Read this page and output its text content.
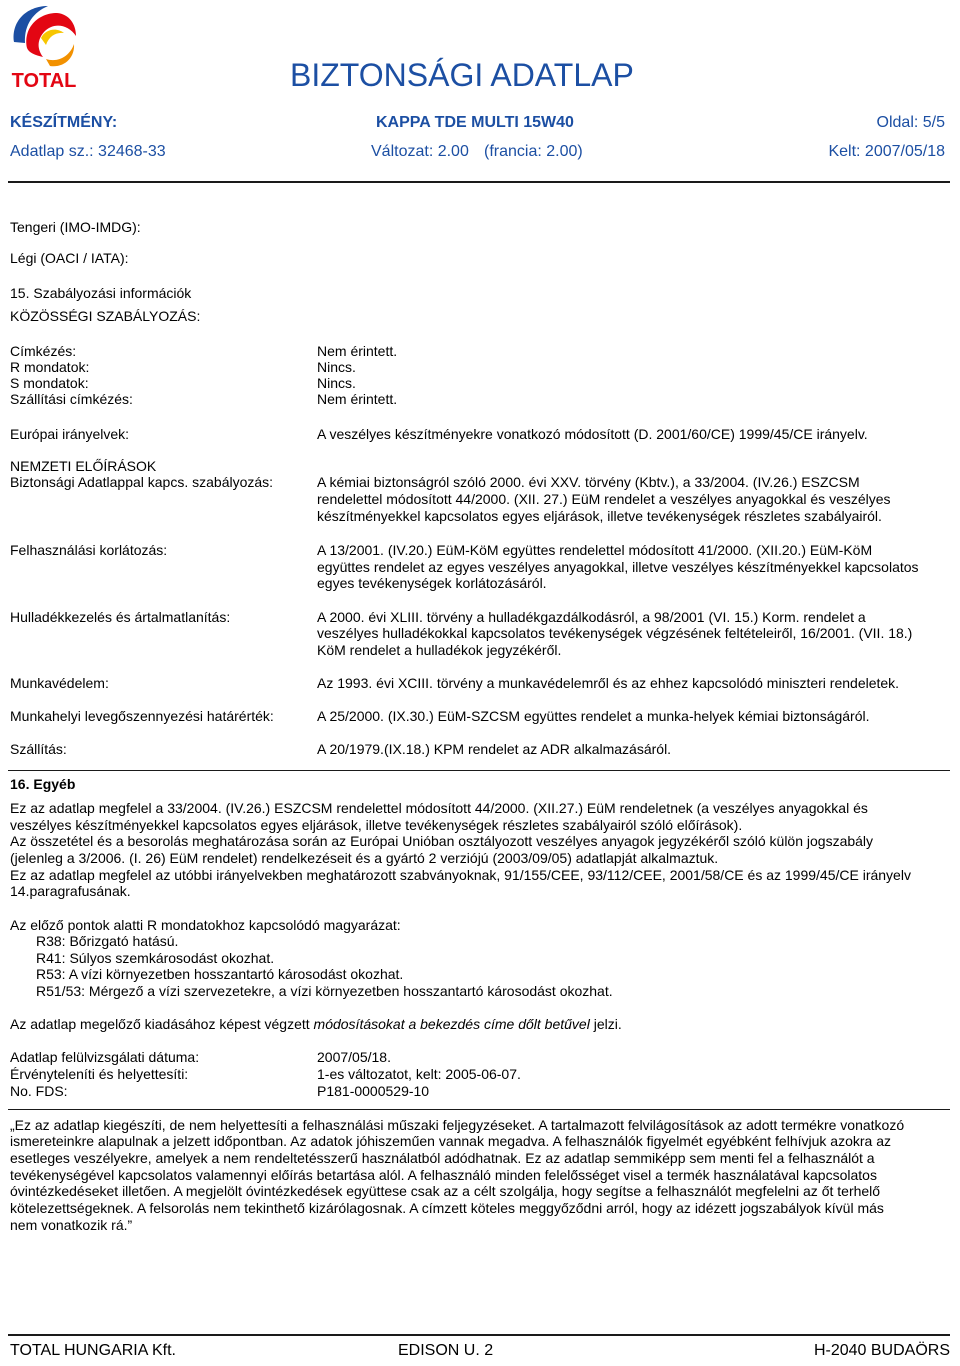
TOTAL	BIZTONSÁGI ADATLAP
KÉSZÍTMÉNY:	KAPPA TDE MULTI 15W40	Oldal: 5/5
Adatlap sz.: 32468-33	Változat: 2.00 (francia: 2.00)	Kelt: 2007/05/18
Tengeri (IMO-IMDG):
Légi (OACI / IATA):
15. Szabályozási információk
KÖZÖSSÉGI SZABÁLYOZÁS:
Címkézés:	Nem érintett.
R mondatok:	Nincs.
S mondatok:	Nincs.
Szállítási címkézés:	Nem érintett.
Európai irányelvek:	A veszélyes készítményekre vonatkozó módosított (D. 2001/60/CE) 1999/45/CE irányelv.
NEMZETI ELŐÍRÁSOK
Biztonsági Adatlappal kapcs. szabályozás:	A kémiai biztonságról szóló 2000. évi XXV. törvény (Kbtv.), a 33/2004. (IV.26.) ESZCSM
rendelettel módosított 44/2000. (XII. 27.) EüM rendelet a veszélyes anyagokkal és veszélyes
készítményekkel kapcsolatos egyes eljárások, illetve tevékenységek részletes szabályairól.
Felhasználási korlátozás:	A 13/2001. (IV.20.) EüM-KöM együttes rendelettel módosított 41/2000. (XII.20.) EüM-KöM
együttes rendelet az egyes veszélyes anyagokkal, illetve veszélyes készítményekkel kapcsolatos
egyes tevékenységek korlátozásáról.
Hulladékkezelés és ártalmatlanítás:	A 2000. évi XLIII. törvény a hulladékgazdálkodásról, a 98/2001 (VI. 15.) Korm. rendelet a
veszélyes hulladékokkal kapcsolatos tevékenységek végzésének feltételeiről, 16/2001. (VII. 18.)
KöM rendelet a hulladékok jegyzékéről.
Munkavédelem:	Az 1993. évi XCIII. törvény a munkavédelemről és az ehhez kapcsolódó miniszteri rendeletek.
Munkahelyi levegőszennyezési határérték:	A 25/2000. (IX.30.) EüM-SZCSM együttes rendelet a munka-helyek kémiai biztonságáról.
Szállítás:	A 20/1979.(IX.18.) KPM rendelet az ADR alkalmazásáról.
16. Egyéb
Ez az adatlap megfelel a 33/2004. (IV.26.) ESZCSM rendelettel módosított 44/2000. (XII.27.) EüM rendeletnek (a veszélyes anyagokkal és
veszélyes készítményekkel kapcsolatos egyes eljárások, illetve tevékenységek részletes szabályairól szóló előírások).
Az összetétel és a besorolás meghatározása során az Európai Unióban osztályozott veszélyes anyagok jegyzékéről szóló külön jogszabály
(jelenleg a 3/2006. (I. 26) EüM rendelet) rendelkezéseit és a gyártó 2 verziójú (2003/09/05) adatlapját alkalmaztuk.
Ez az adatlap megfelel az utóbbi irányelvekben meghatározott szabványoknak, 91/155/CEE, 93/112/CEE, 2001/58/CE és az 1999/45/CE irányelv
14.paragrafusának.
Az előző pontok alatti R mondatokhoz kapcsolódó magyarázat:
R38: Bőrizgató hatású.
R41: Súlyos szemkárosodást okozhat.
R53: A vízi környezetben hosszantartó károsodást okozhat.
R51/53: Mérgező a vízi szervezetekre, a vízi környezetben hosszantartó károsodást okozhat.
Az adatlap megelőző kiadásához képest végzett módosításokat a bekezdés címe dőlt betűvel jelzi.
Adatlap felülvizsgálati dátuma:	2007/05/18.
Érvényteleníti és helyettesíti:	1-es változatot, kelt: 2005-06-07.
No. FDS:	P181-0000529-10
„Ez az adatlap kiegészíti, de nem helyettesíti a felhasználási műszaki feljegyzéseket. A tartalmazott felvilágosítások az adott termékre vonatkozó
ismereteinkre alapulnak a jelzett időpontban. Az adatok jóhiszeműen vannak megadva. A felhasználók figyelmét egyébként felhívjuk azokra az
esetleges veszélyekre, amelyek a nem rendeltetésszerű használatból adódhatnak. Ez az adatlap semmiképp sem menti fel a felhasználót a
tevékenységével kapcsolatos valamennyi előírás betartása alól. A felhasználó minden felelősséget visel a termék használatával kapcsolatos
óvintézkedéseket illetően. A megjelölt óvintézkedések együttese csak az a célt szolgálja, hogy segítse a felhasználót megfelelni az őt terhelő
kötelezettségeknek. A felsorolás nem tekinthető kizárólagosnak. A címzett köteles meggyőződni arról, hogy az idézett jogszabályok kívül más
nem vonatkozik rá.”
TOTAL HUNGARIA Kft.	EDISON U. 2	H-2040 BUDAÖRS
